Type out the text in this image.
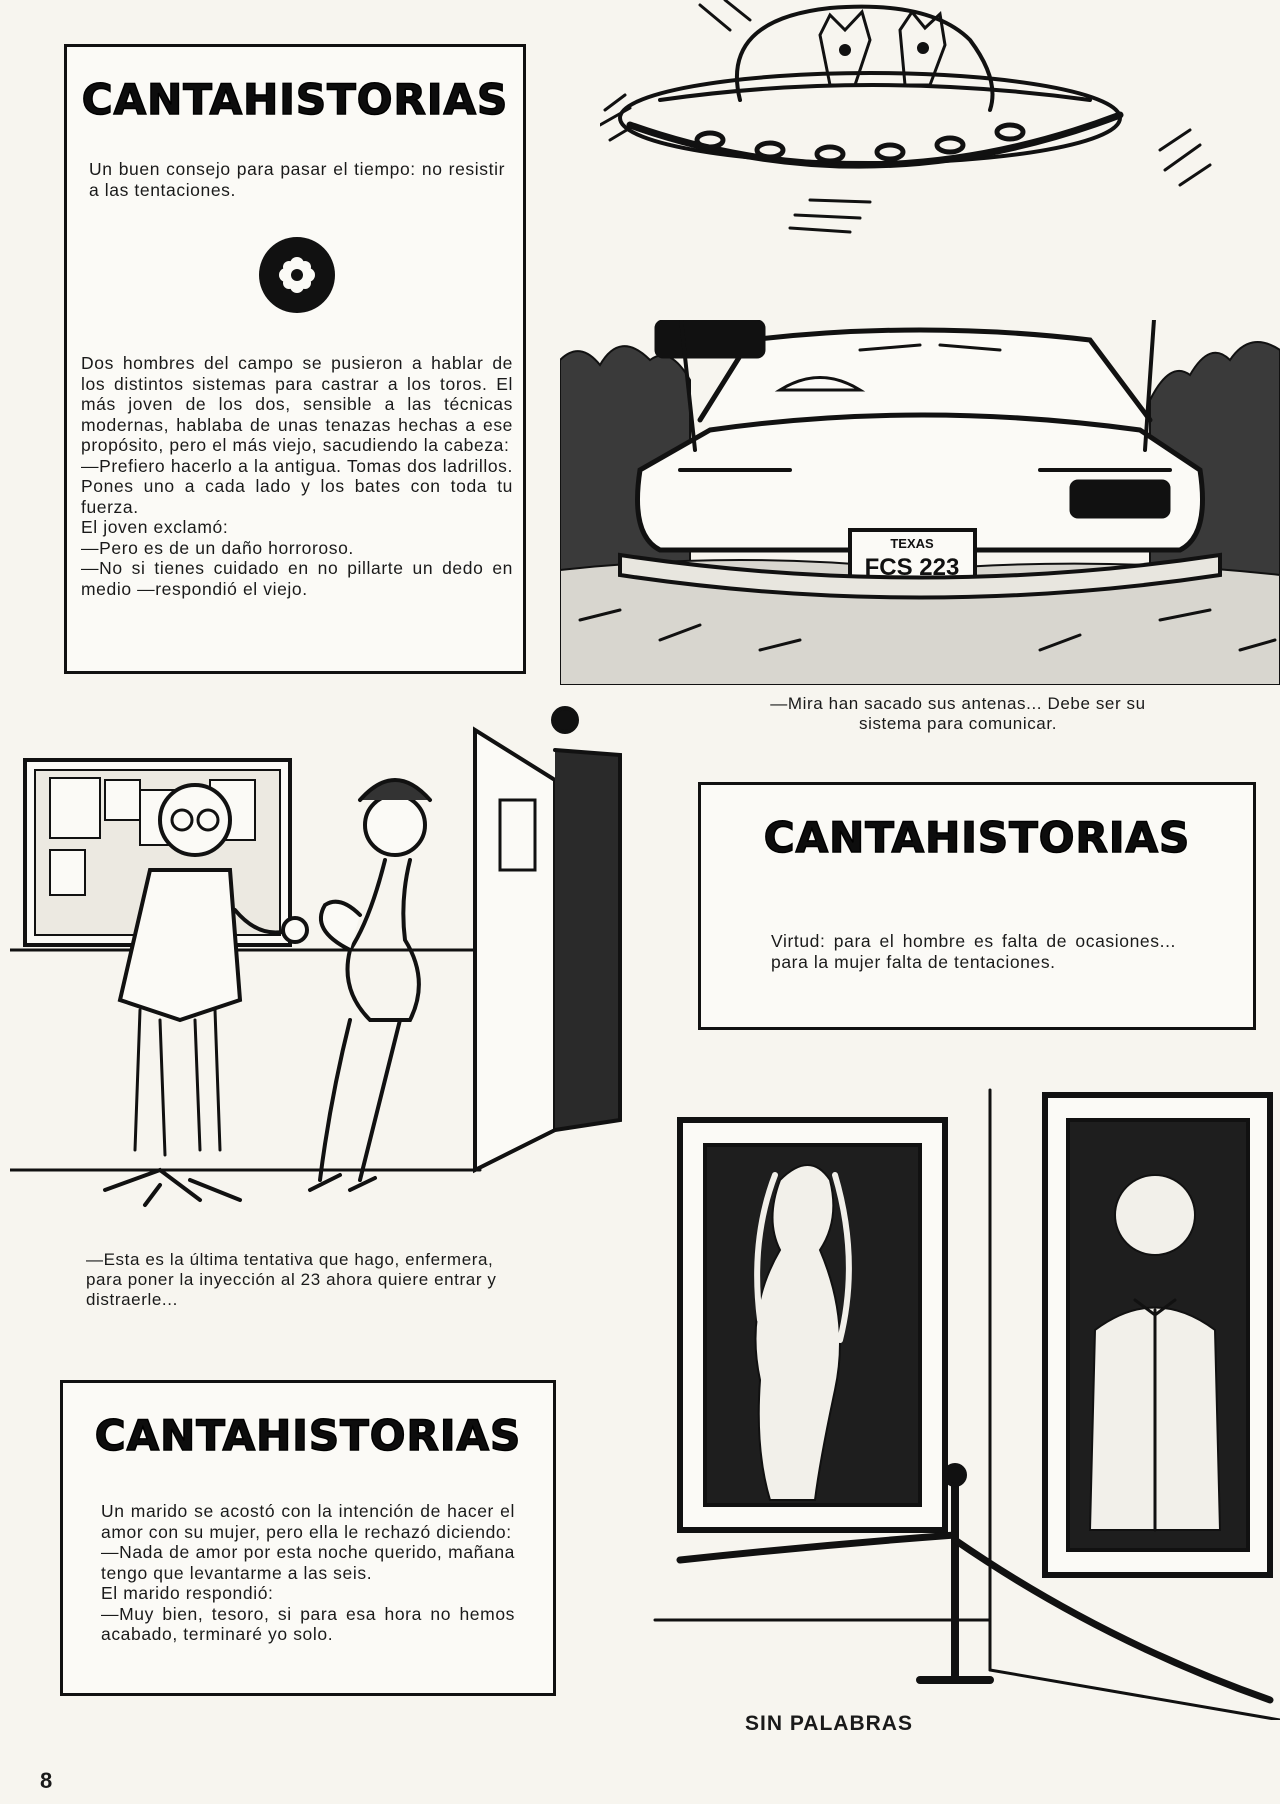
CANTAHISTORIAS

Un buen consejo para pasar el tiempo: no resistir a las tentaciones.

Dos hombres del campo se pusieron a hablar de los distintos sistemas para castrar a los toros. El más joven de los dos, sensible a las técnicas modernas, hablaba de unas tenazas hechas a ese propósito, pero el más viejo, sacudiendo la cabeza:

—Prefiero hacerlo a la antigua. Tomas dos ladrillos. Pones uno a cada lado y los bates con toda tu fuerza.

El joven exclamó:

—Pero es de un daño horroroso.

—No si tienes cuidado en no pillarte un dedo en medio —respondió el viejo.

TEXAS
FCS 223
—Mira han sacado sus antenas... Debe ser su sistema para comunicar.
—Esta es la última tentativa que hago, enfermera, para poner la inyección al 23 ahora quiere entrar y distraerle...
CANTAHISTORIAS

Virtud: para el hombre es falta de ocasiones... para la mujer falta de tentaciones.

CANTAHISTORIAS

Un marido se acostó con la intención de hacer el amor con su mujer, pero ella le rechazó diciendo:

—Nada de amor por esta noche querido, mañana tengo que levantarme a las seis.

El marido respondió:

—Muy bien, tesoro, si para esa hora no hemos acabado, terminaré yo solo.

SIN PALABRAS
8
